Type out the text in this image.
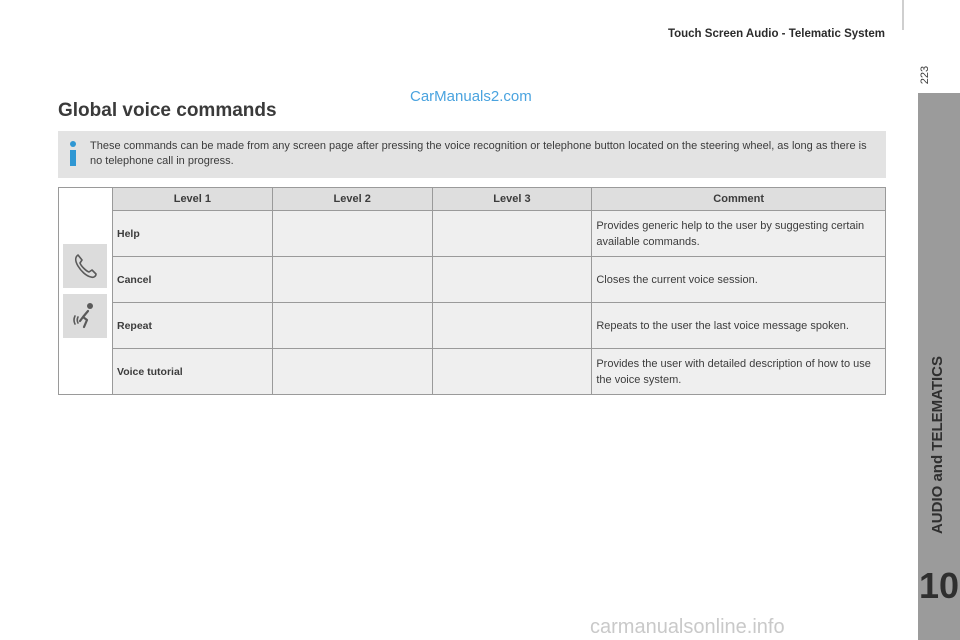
Touch Screen Audio - Telematic System
223
AUDIO and TELEMATICS
10
CarManuals2.com
Global voice commands
These commands can be made from any screen page after pressing the voice recognition or telephone button located on the steering wheel, as long as there is no telephone call in progress.
	Level 1	Level 2	Level 3	Comment
	Help			Provides generic help to the user by suggesting certain available commands.
	Cancel			Closes the current voice session.
	Repeat			Repeats to the user the last voice message spoken.
	Voice tutorial			Provides the user with detailed description of how to use the voice system.
carmanualsonline.info
